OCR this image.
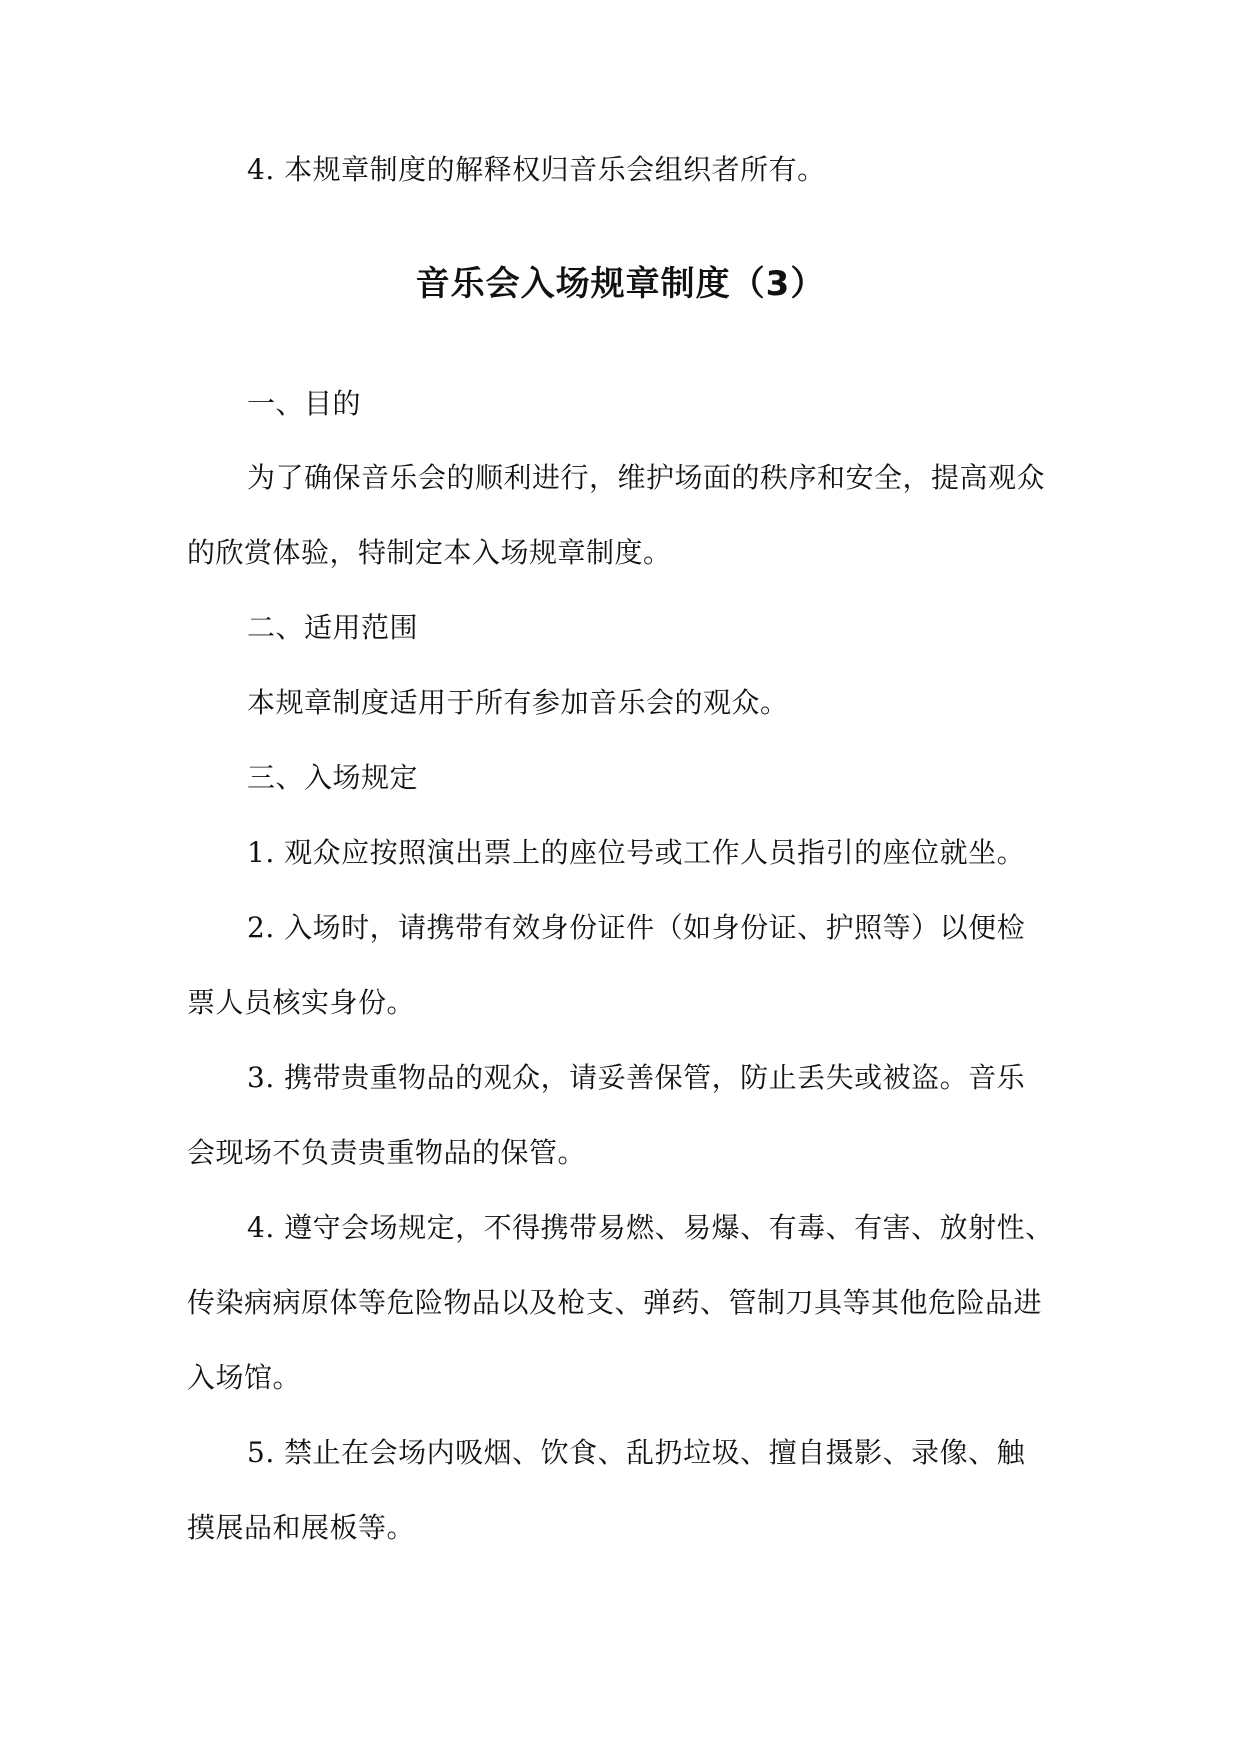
4. 本规章制度的解释权归音乐会组织者所有。
音乐会入场规章制度（3）
一、目的
为了确保音乐会的顺利进行，维护场面的秩序和安全，提高观众
的欣赏体验，特制定本入场规章制度。
二、适用范围
本规章制度适用于所有参加音乐会的观众。
三、入场规定
1. 观众应按照演出票上的座位号或工作人员指引的座位就坐。
2. 入场时，请携带有效身份证件（如身份证、护照等）以便检
票人员核实身份。
3. 携带贵重物品的观众，请妥善保管，防止丢失或被盗。音乐
会现场不负责贵重物品的保管。
4. 遵守会场规定，不得携带易燃、易爆、有毒、有害、放射性、
传染病病原体等危险物品以及枪支、弹药、管制刀具等其他危险品进
入场馆。
5. 禁止在会场内吸烟、饮食、乱扔垃圾、擅自摄影、录像、触
摸展品和展板等。
